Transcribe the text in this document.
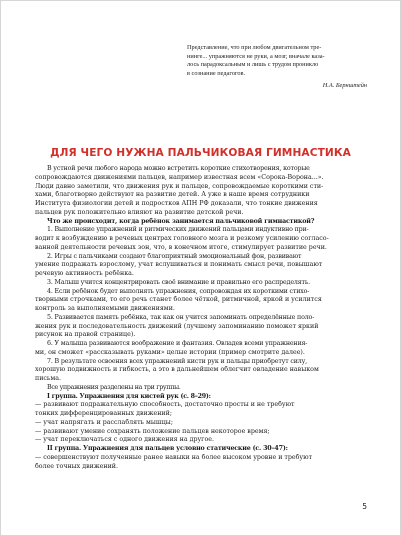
Представление, что при любом двигательном тре-
нинге... упражняются не руки, а мозг, вначале каза-
лось парадоксальным и лишь с трудом проникло
в сознание педагогов.
Н.А. Бернштейн
ДЛЯ ЧЕГО НУЖНА ПАЛЬЧИКОВАЯ ГИМНАСТИКА
В устной речи любого народа можно встретить короткие стихотворения, которые
сопровождаются движениями пальцев, например известная всем «Сорока-Ворона...».
Люди давно заметили, что движения рук и пальцев, сопровождаемые короткими сти-
хами, благотворно действуют на развитие детей. А уже в наше время сотрудники
Института физиологии детей и подростков АПН РФ доказали, что тонкие движения
пальцев рук положительно влияют на развитие детской речи.
Что же происходит, когда ребёнок занимается пальчиковой гимнастикой?
1. Выполнение упражнений и ритмических движений пальцами индуктивно при-
водит к возбуждению в речевых центрах головного мозга и резкому усилению согласо-
ванной деятельности речевых зон, что, в конечном итоге, стимулирует развитие речи.
2. Игры с пальчиками создают благоприятный эмоциональный фон, развивают
умение подражать взрослому, учат вслушиваться и понимать смысл речи, повышают
речевую активность ребёнка.
3. Малыш учится концентрировать своё внимание и правильно его распределять.
4. Если ребёнок будет выполнять упражнения, сопровождая их короткими стихо-
творными строчками, то его речь станет более чёткой, ритмичной, яркой и усилится
контроль за выполняемыми движениями.
5. Развивается память ребёнка, так как он учится запоминать определённые поло-
жения рук и последовательность движений (лучшему запоминанию поможет яркий
рисунок на правой странице).
6. У малыша развиваются воображение и фантазия. Овладев всеми упражнения-
ми, он сможет «рассказывать руками» целые истории (пример смотрите далее).
7. В результате освоения всех упражнений кисти рук и пальцы приобретут силу,
хорошую подвижность и гибкость, а это в дальнейшем облегчит овладение навыком
письма.
Все упражнения разделены на три группы.
I группа. Упражнения для кистей рук (с. 8–29):
— развивают подражательную способность, достаточно просты и не требуют
тонких дифференцированных движений;
— учат напрягать и расслаблять мышцы;
— развивают умение сохранять положение пальцев некоторое время;
— учат переключаться с одного движения на другое.
II группа. Упражнения для пальцев условно статические (с. 30–47):
— совершенствуют полученные ранее навыки на более высоком уровне и требуют
более точных движений.
5
